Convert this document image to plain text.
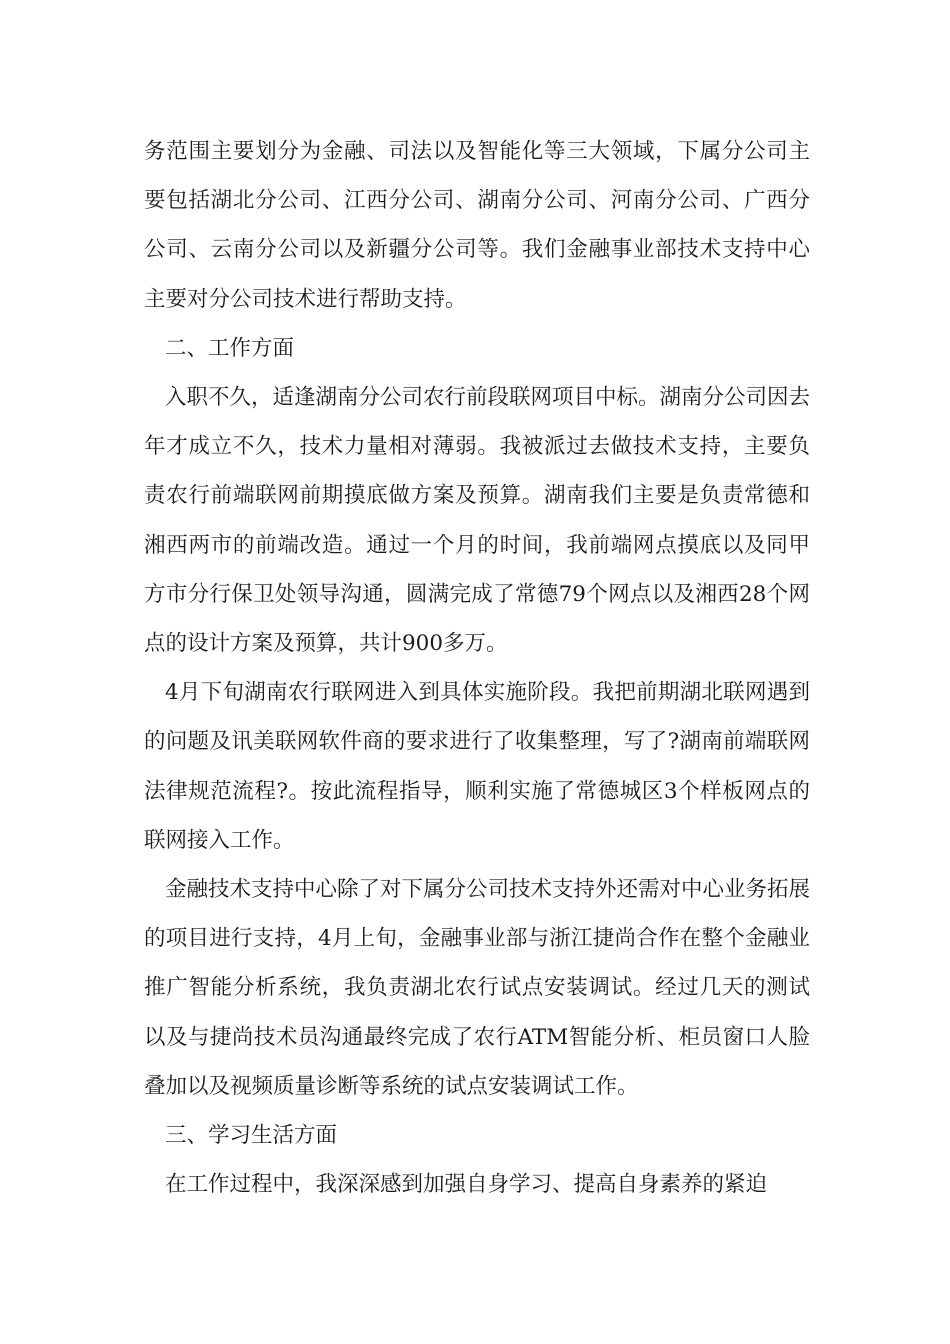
务范围主要划分为金融、司法以及智能化等三大领域，下属分公司主要包括湖北分公司、江西分公司、湖南分公司、河南分公司、广西分公司、云南分公司以及新疆分公司等。我们金融事业部技术支持中心主要对分公司技术进行帮助支持。

二、工作方面

入职不久，适逢湖南分公司农行前段联网项目中标。湖南分公司因去年才成立不久，技术力量相对薄弱。我被派过去做技术支持，主要负责农行前端联网前期摸底做方案及预算。湖南我们主要是负责常德和湘西两市的前端改造。通过一个月的时间，我前端网点摸底以及同甲方市分行保卫处领导沟通，圆满完成了常德79个网点以及湘西28个网点的设计方案及预算，共计900多万。

4月下旬湖南农行联网进入到具体实施阶段。我把前期湖北联网遇到的问题及讯美联网软件商的要求进行了收集整理，写了?湖南前端联网法律规范流程?。按此流程指导，顺利实施了常德城区3个样板网点的联网接入工作。

金融技术支持中心除了对下属分公司技术支持外还需对中心业务拓展的项目进行支持，4月上旬，金融事业部与浙江捷尚合作在整个金融业推广智能分析系统，我负责湖北农行试点安装调试。经过几天的测试以及与捷尚技术员沟通最终完成了农行ATM智能分析、柜员窗口人脸叠加以及视频质量诊断等系统的试点安装调试工作。

三、学习生活方面

在工作过程中，我深深感到加强自身学习、提高自身素养的紧迫
